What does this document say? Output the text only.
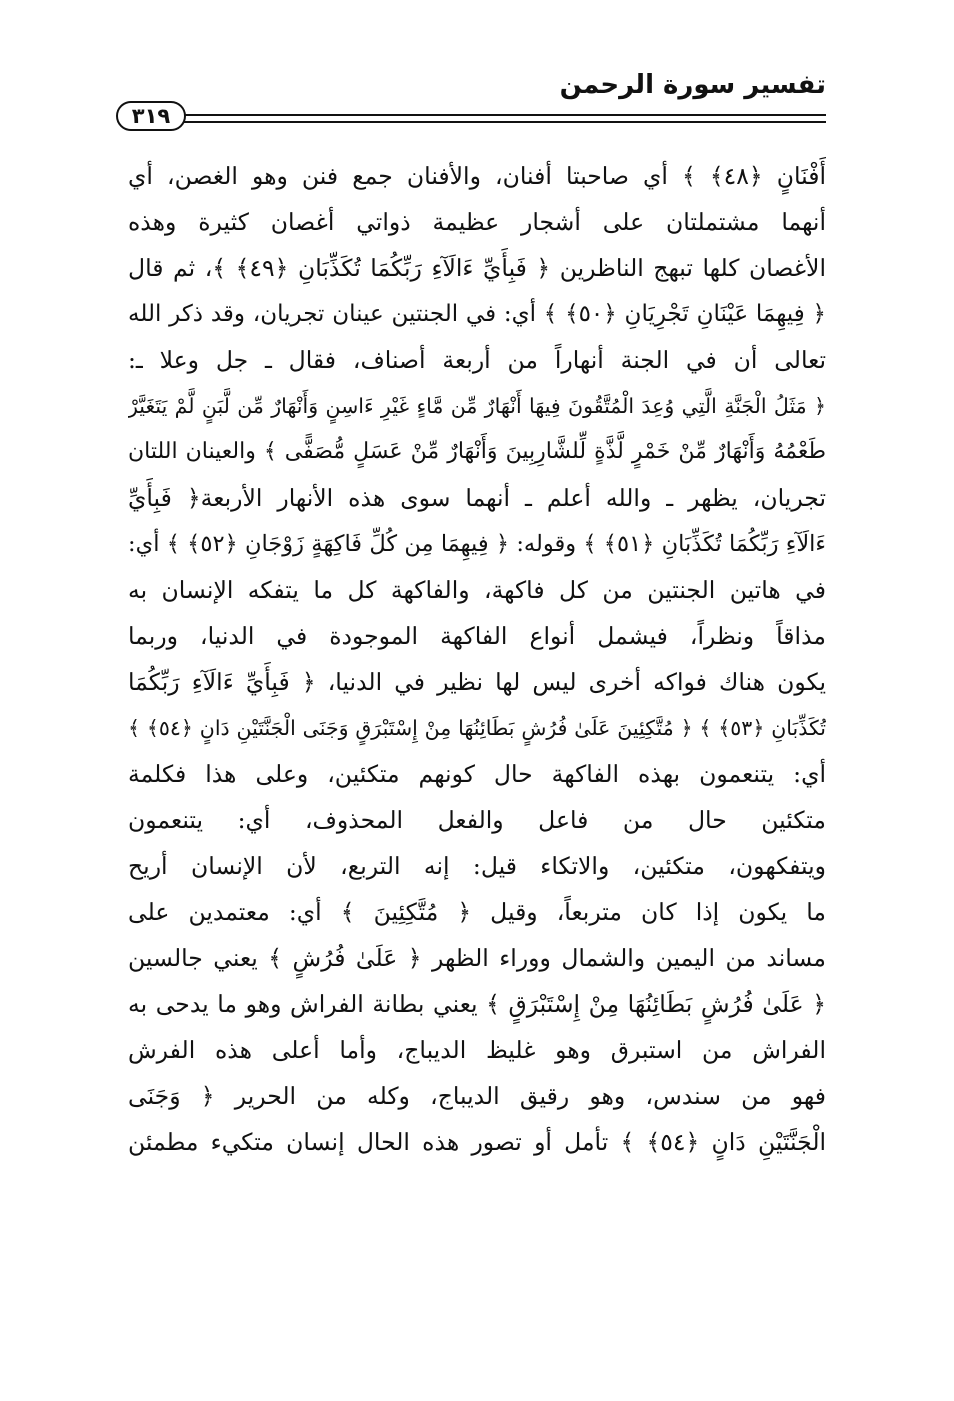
تفسير سورة الرحمن
٣١٩
أَفْنَانٍ ﴿٤٨﴾ ﴾ أي صاحبتا أفنان، والأفنان جمع فنن وهو الغصن، أي
أنهما مشتملتان على أشجار عظيمة ذواتي أغصان كثيرة وهذه
الأغصان كلها تبهج الناظرين ﴿ فَبِأَيِّ ءَالَآءِ رَبِّكُمَا تُكَذِّبَانِ ﴿٤٩﴾ ﴾، ثم قال
﴿ فِيهِمَا عَيْنَانِ تَجْرِيَانِ ﴿٥٠﴾ ﴾ أي: في الجنتين عينان تجريان، وقد ذكر الله
تعالى أن في الجنة أنهاراً من أربعة أصناف، فقال ـ جل وعلا ـ:
﴿ مَثَلُ الْجَنَّةِ الَّتِي وُعِدَ الْمُتَّقُونَ فِيهَا أَنْهَارٌ مِّن مَّاءٍ غَيْرِ ءَاسِنٍ وَأَنْهَارٌ مِّن لَّبَنٍ لَّمْ يَتَغَيَّرْ
طَعْمُهُ وَأَنْهَارٌ مِّنْ خَمْرٍ لَّذَّةٍ لِّلشَّارِبِينَ وَأَنْهَارٌ مِّنْ عَسَلٍ مُّصَفًّى ﴾ والعينان اللتان
تجريان، يظهر ـ والله أعلم ـ أنهما سوى هذه الأنهار الأربعة﴿ فَبِأَيِّ
ءَالَآءِ رَبِّكُمَا تُكَذِّبَانِ ﴿٥١﴾ ﴾ وقوله: ﴿ فِيهِمَا مِن كُلِّ فَاكِهَةٍ زَوْجَانِ ﴿٥٢﴾ ﴾ أي:
في هاتين الجنتين من كل فاكهة، والفاكهة كل ما يتفكه الإنسان به
مذاقاً ونظراً، فيشمل أنواع الفاكهة الموجودة في الدنيا، وربما
يكون هناك فواكه أخرى ليس لها نظير في الدنيا، ﴿ فَبِأَيِّ ءَالَآءِ رَبِّكُمَا
تُكَذِّبَانِ ﴿٥٣﴾ ﴾ ﴿ مُتَّكِئِينَ عَلَىٰ فُرُشٍ بَطَائِنُهَا مِنْ إِسْتَبْرَقٍ وَجَنَى الْجَنَّتَيْنِ دَانٍ ﴿٥٤﴾ ﴾
أي: يتنعمون بهذه الفاكهة حال كونهم متكئين، وعلى هذا فكلمة
متكئين حال من فاعل والفعل المحذوف، أي: يتنعمون
ويتفكهون، متكئين، والاتكاء قيل: إنه التربع، لأن الإنسان أريح
ما يكون إذا كان متربعاً، وقيل ﴿ مُتَّكِئِينَ ﴾ أي: معتمدين على
مساند من اليمين والشمال ووراء الظهر ﴿ عَلَىٰ فُرُشٍ ﴾ يعني جالسين
﴿ عَلَىٰ فُرُشٍ بَطَائِنُهَا مِنْ إِسْتَبْرَقٍ ﴾ يعني بطانة الفراش وهو ما يدحى به
الفراش من استبرق وهو غليظ الديباج، وأما أعلى هذه الفرش
فهو من سندس، وهو رقيق الديباج، وكله من الحرير ﴿ وَجَنَى
الْجَنَّتَيْنِ دَانٍ ﴿٥٤﴾ ﴾ تأمل أو تصور هذه الحال إنسان متكيء مطمئن
